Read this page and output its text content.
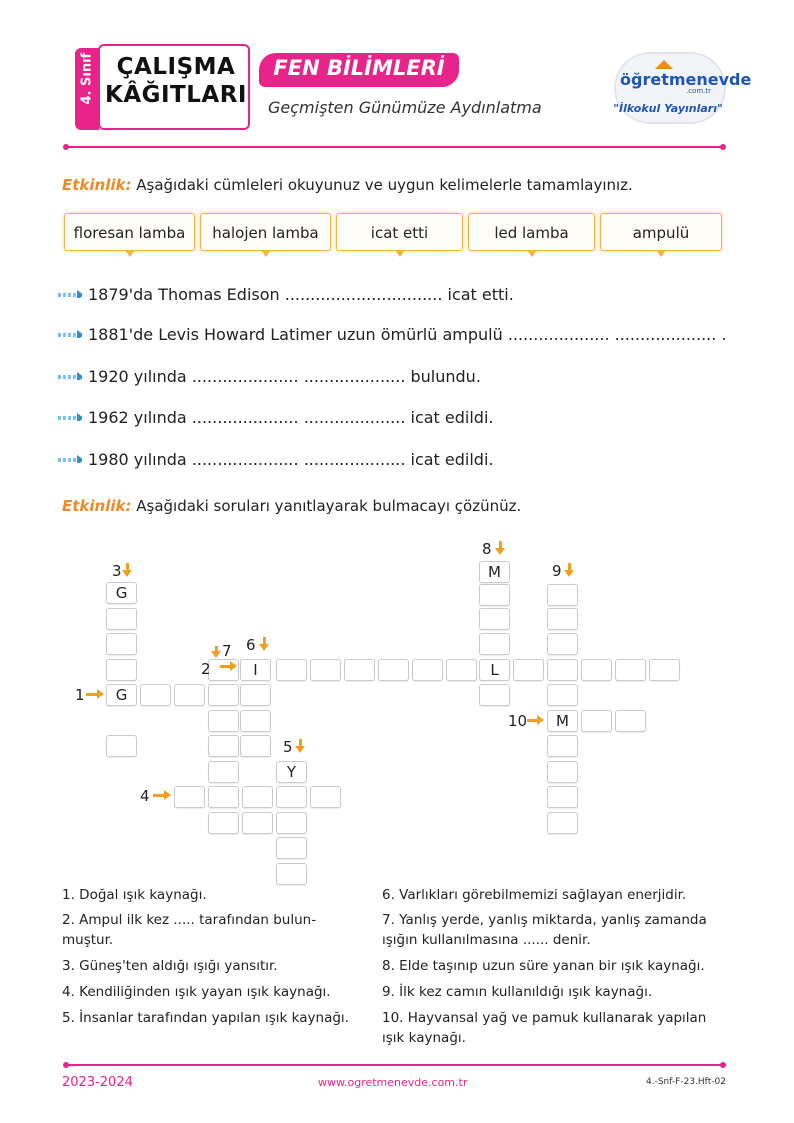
4. Sınıf ÇALIŞMA
KÂĞITLARI
FEN BİLİMLERİ
Geçmişten Günümüze Aydınlatma
öğretmenevde
.com.tr
"İlkokul Yayınları"
Etkinlik: Aşağıdaki cümleleri okuyunuz ve uygun kelimelerle tamamlayınız.
floresan lamba	halojen lamba	icat etti	led lamba	ampulü
1879'da Thomas Edison ............................... icat etti.
1881'de Levis Howard Latimer uzun ömürlü ampulü .................... .................... .
1920 yılında ..................... .................... bulundu.
1962 yılında ..................... .................... icat edildi.
1980 yılında ..................... .................... icat edildi.
Etkinlik: Aşağıdaki soruları yanıtlayarak bulmacayı çözünüz.
G
G
I	L
M
M
Y
3
1
2
7 6
5
4
8
9
10
1. Doğal ışık kaynağı.
2. Ampul ilk kez ..... tarafından bulun-
muştur.
3. Güneş'ten aldığı ışığı yansıtır.
4. Kendiliğinden ışık yayan ışık kaynağı.
5. İnsanlar tarafından yapılan ışık kaynağı.
6. Varlıkları görebilmemizi sağlayan enerjidir.
7. Yanlış yerde, yanlış miktarda, yanlış zamanda
ışığın kullanılmasına ...... denir.
8. Elde taşınıp uzun süre yanan bir ışık kaynağı.
9. İlk kez camın kullanıldığı ışık kaynağı.
10. Hayvansal yağ ve pamuk kullanarak yapılan
ışık kaynağı.
2023-2024	www.ogretmenevde.com.tr	4.-Snf-F-23.Hft-02
